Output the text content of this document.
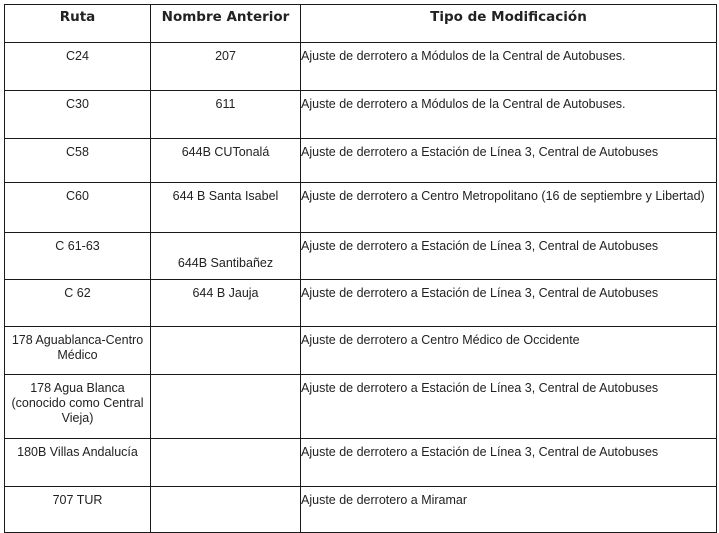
Ruta	Nombre Anterior	Tipo de Modificación

C24	207	Ajuste de derrotero a Módulos de la Central de Autobuses.

C30	611	Ajuste de derrotero a Módulos de la Central de Autobuses.

C58	644B CUTonalá	Ajuste de derrotero a Estación de Línea 3, Central de Autobuses

C60	644 B Santa Isabel	Ajuste de derrotero a Centro Metropolitano (16 de septiembre y Libertad)

C 61-63	644B Santibañez	Ajuste de derrotero a Estación de Línea 3, Central de Autobuses

C 62	644 B Jauja	Ajuste de derrotero a Estación de Línea 3, Central de Autobuses

178 Aguablanca-Centro Médico		Ajuste de derrotero a Centro Médico de Occidente

178 Agua Blanca (conocido como Central Vieja)		Ajuste de derrotero a Estación de Línea 3, Central de Autobuses

180B Villas Andalucía		Ajuste de derrotero a Estación de Línea 3, Central de Autobuses

707 TUR		Ajuste de derrotero a Miramar
